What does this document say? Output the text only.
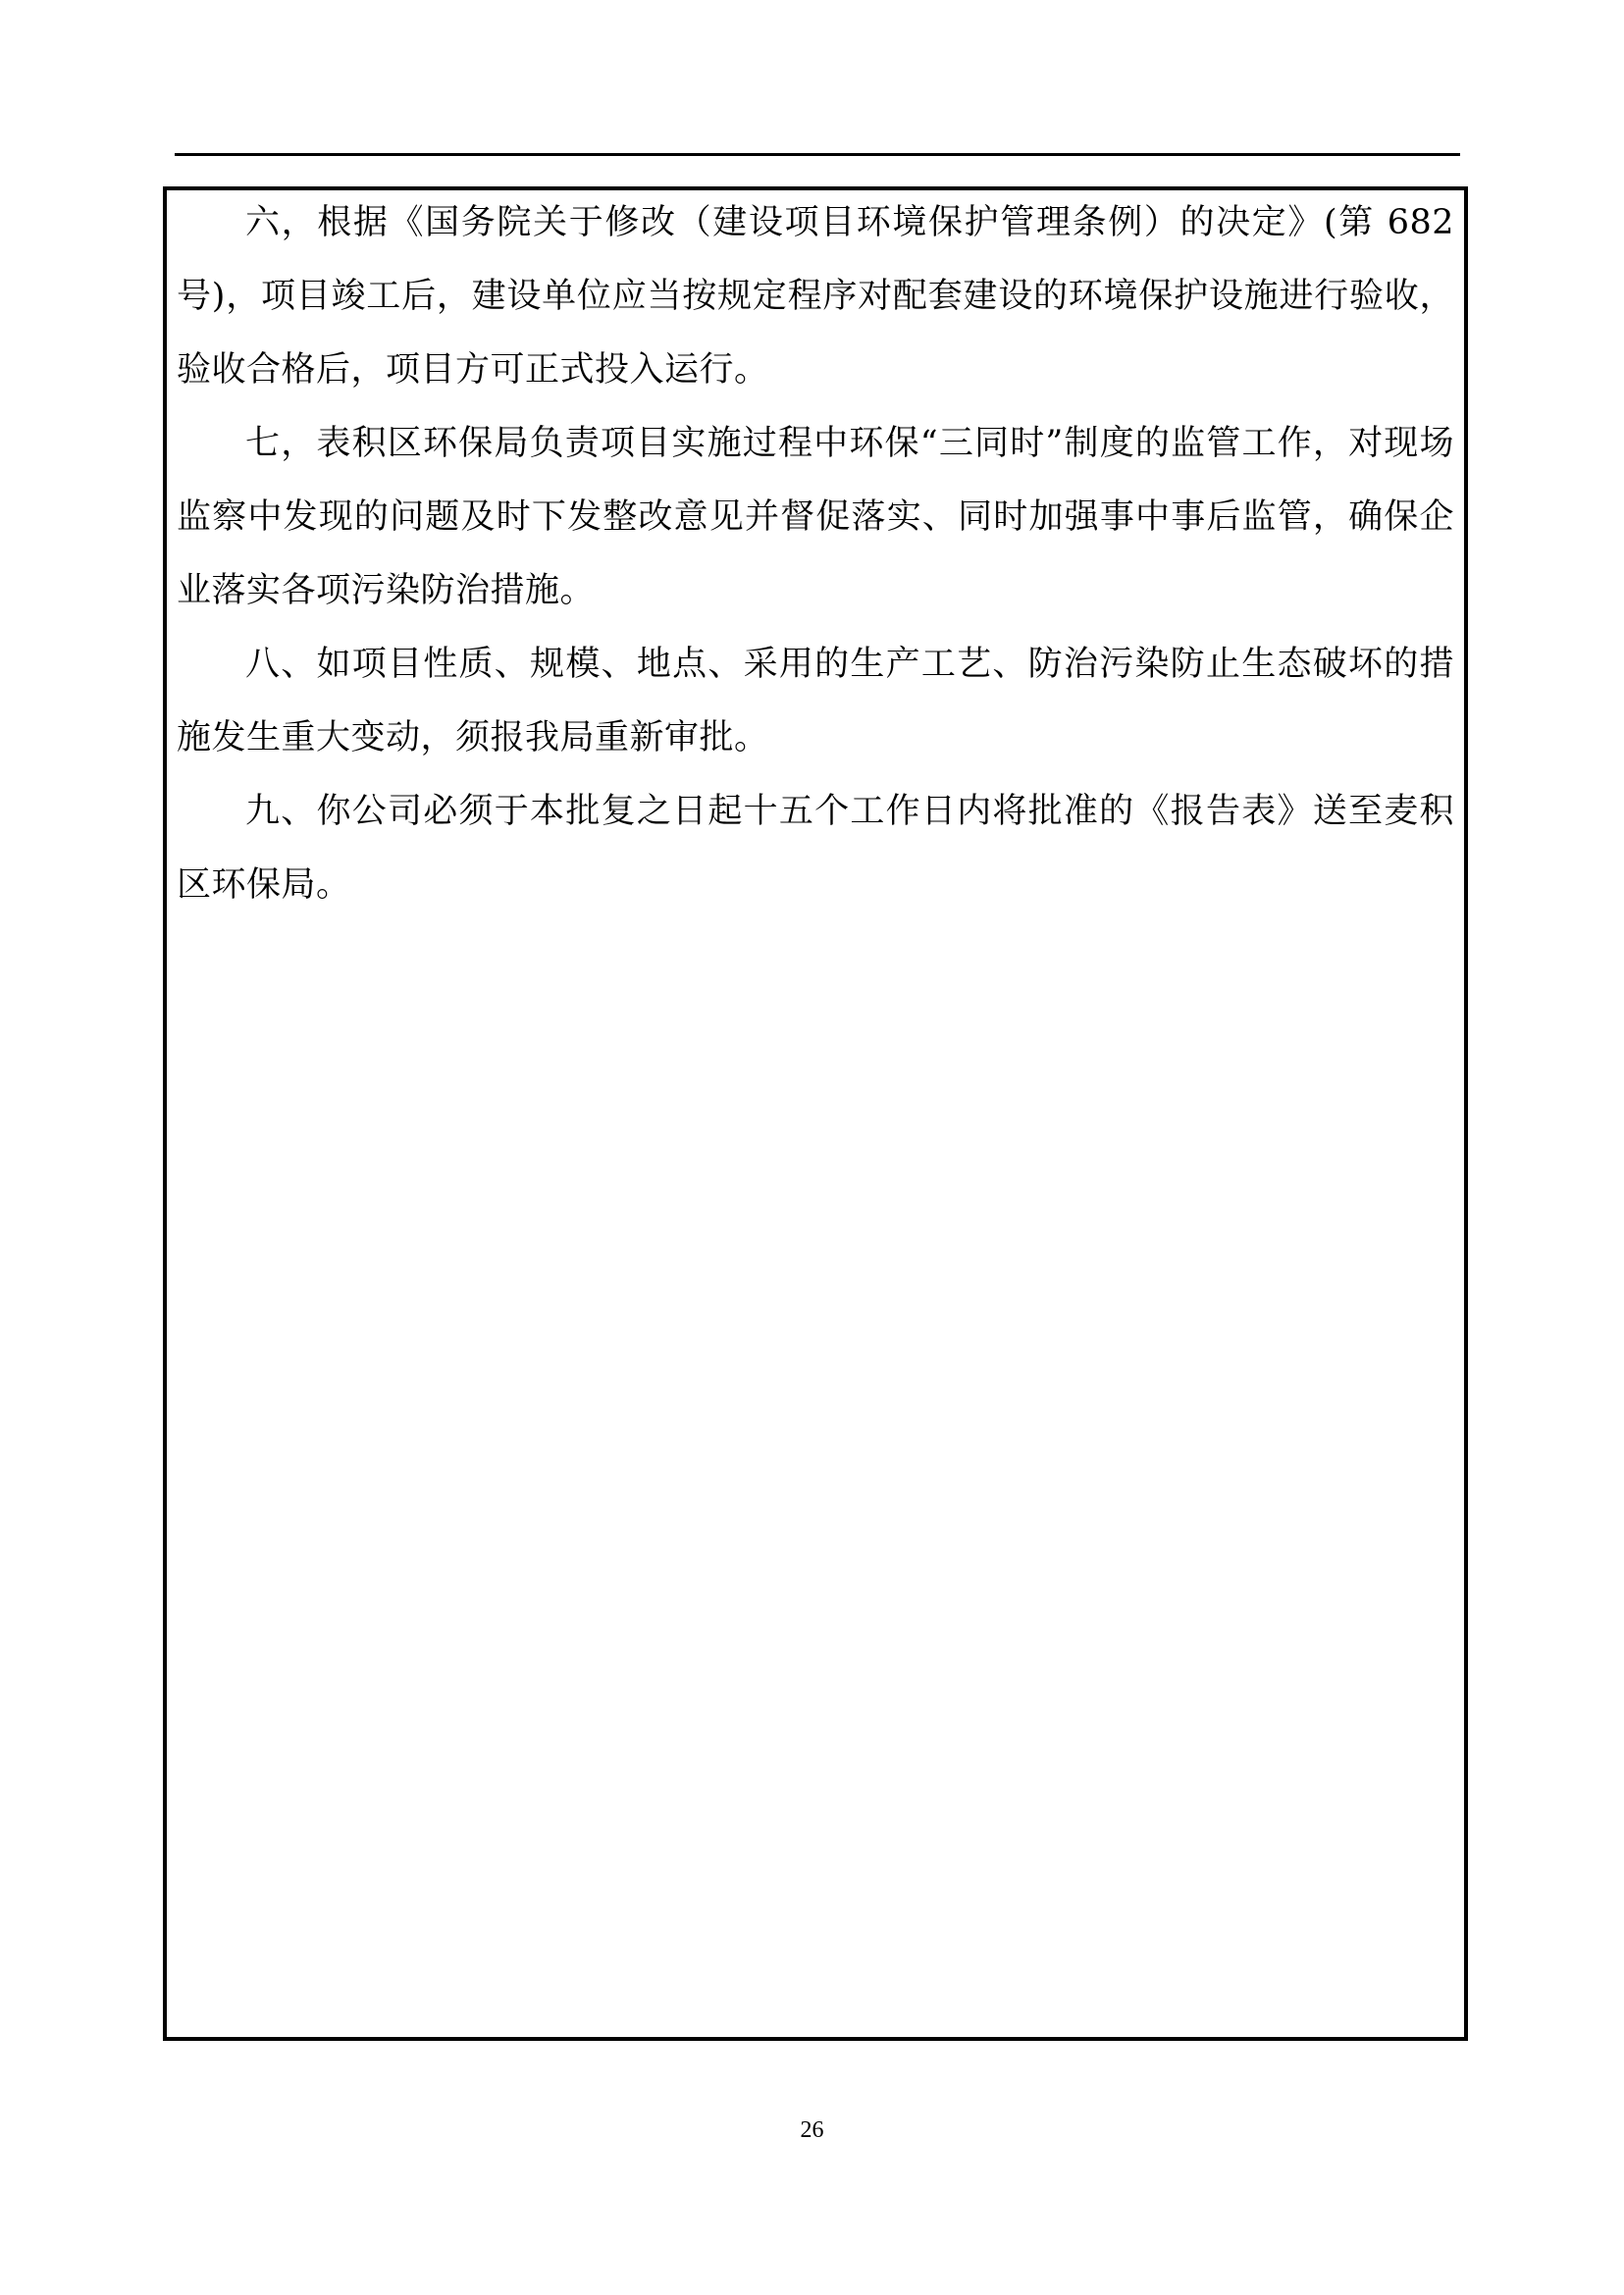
六，根据《国务院关于修改（建设项目环境保护管理条例）的决定》(第 682 号)，项目竣工后，建设单位应当按规定程序对配套建设的环境保护设施进行验收，验收合格后，项目方可正式投入运行。

七，表积区环保局负责项目实施过程中环保“三同时”制度的监管工作，对现场监察中发现的问题及时下发整改意见并督促落实、同时加强事中事后监管，确保企业落实各项污染防治措施。

八、如项目性质、规模、地点、采用的生产工艺、防治污染防止生态破坏的措施发生重大变动，须报我局重新审批。

九、你公司必须于本批复之日起十五个工作日内将批准的《报告表》送至麦积区环保局。

26
